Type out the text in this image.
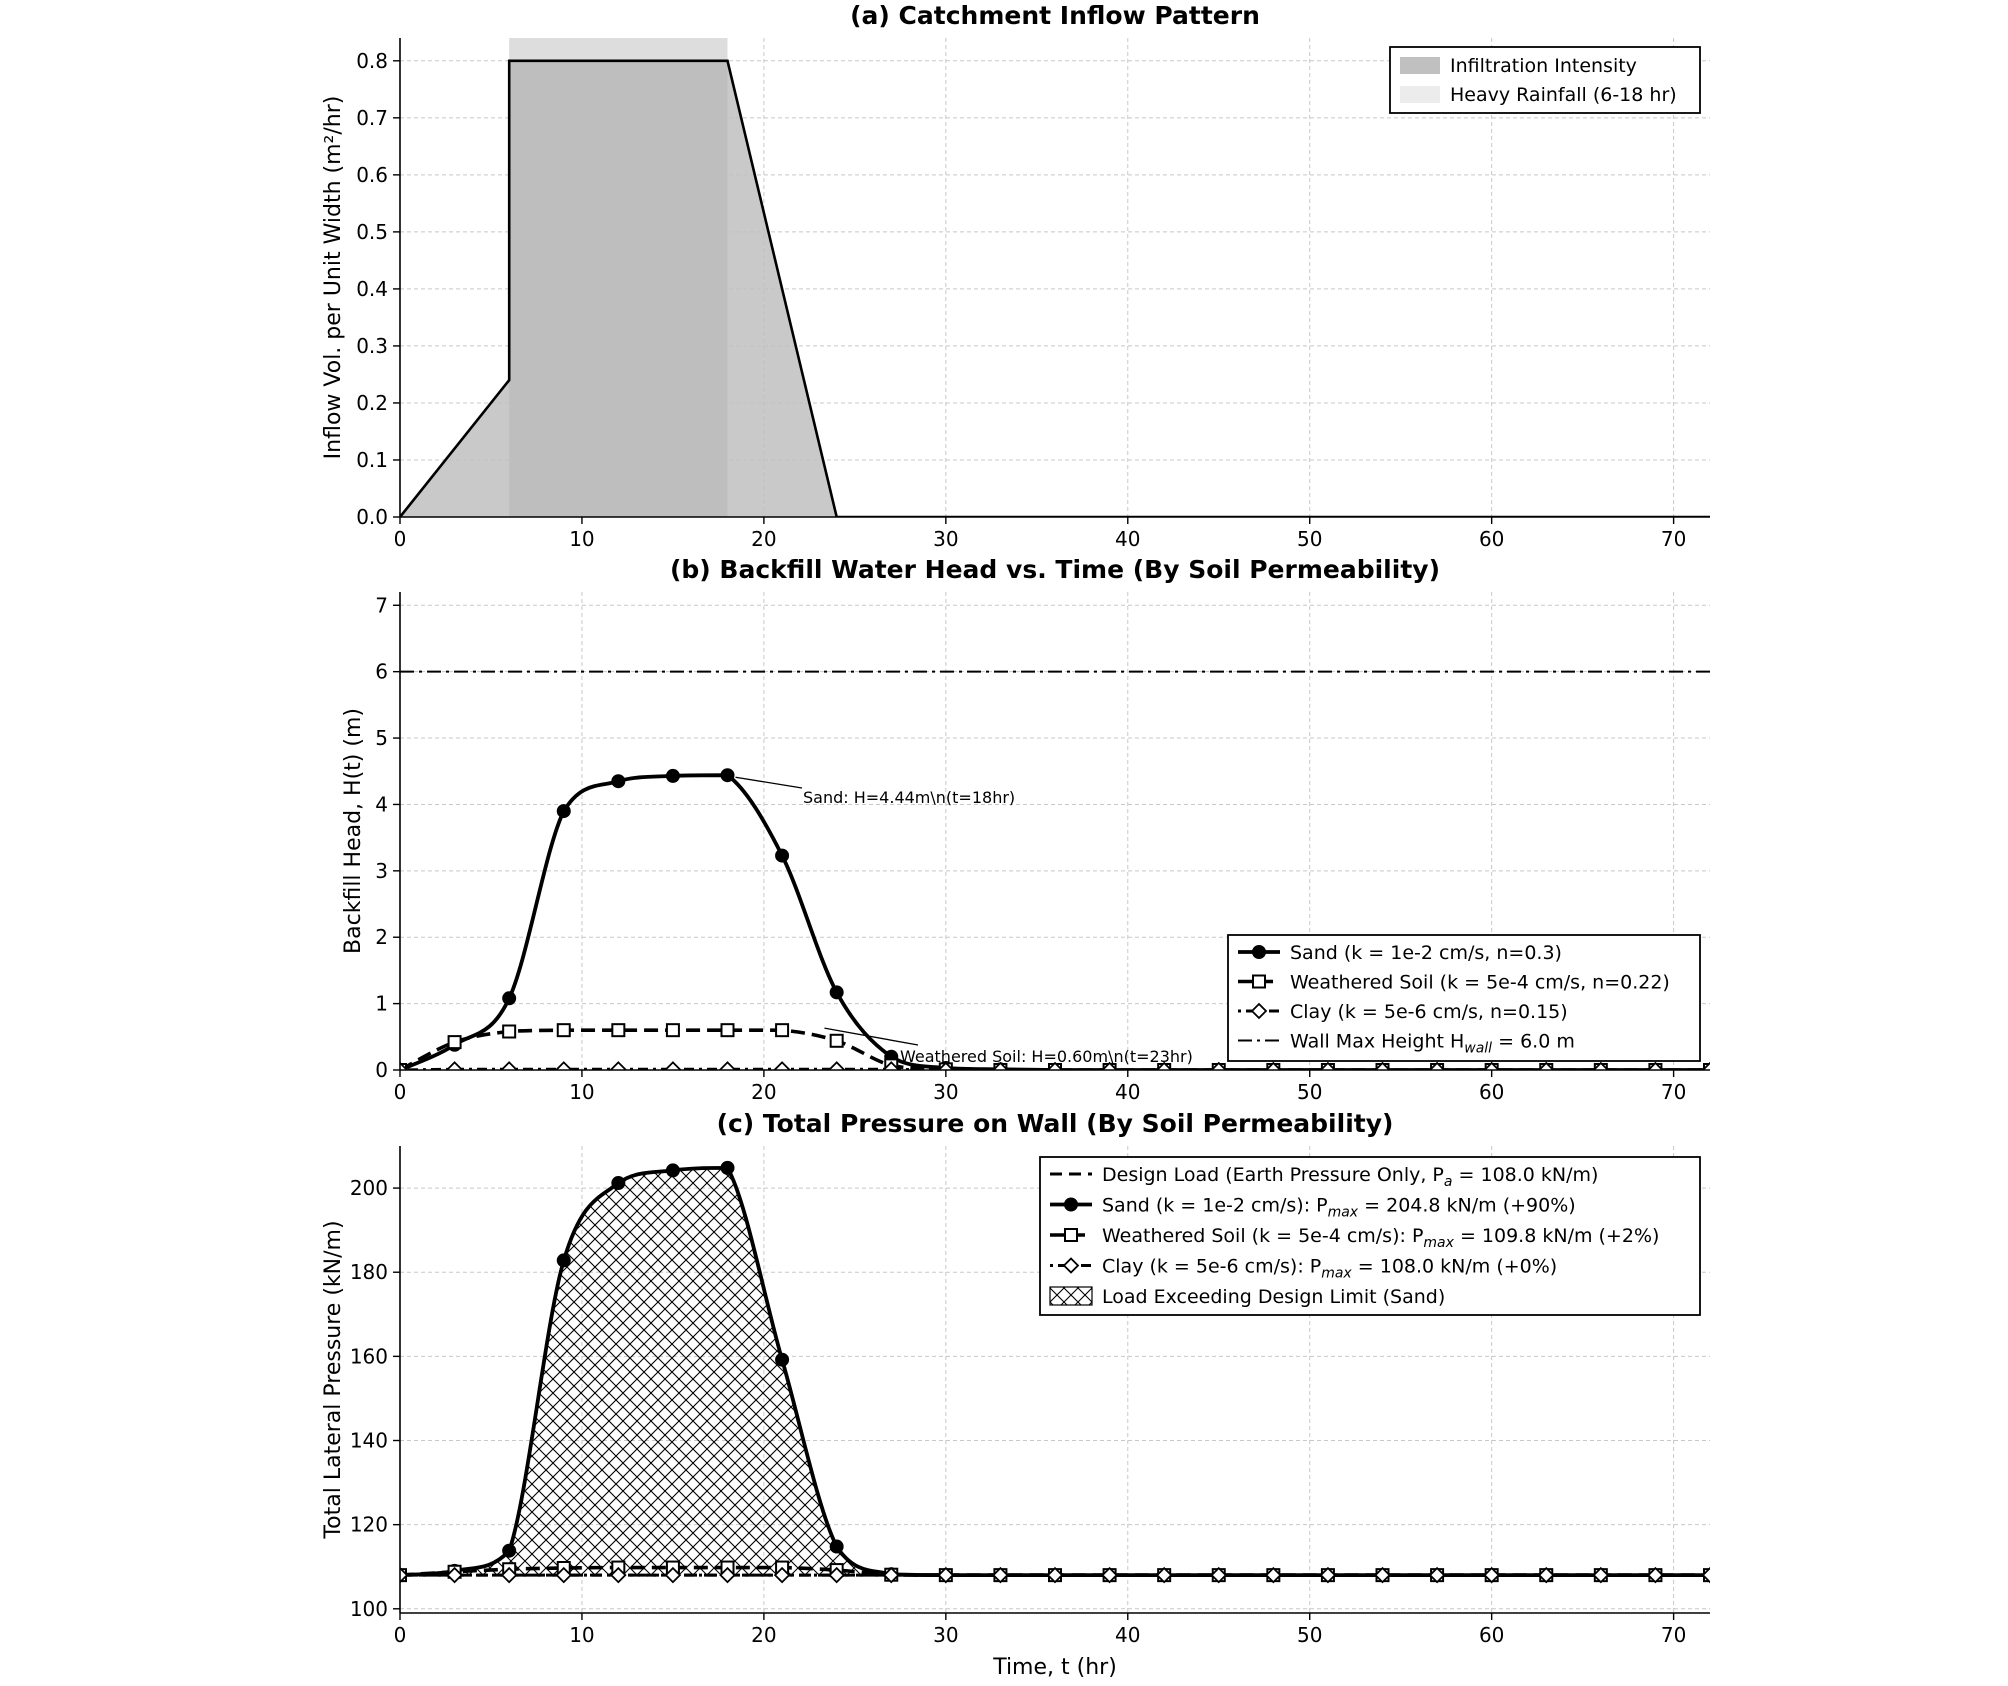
(a) Catchment Inflow Pattern
0	10	20	30	40	50	60	70
0.0
0.1
0.2
0.3
0.4
0.5
0.6
0.7
0.8
Inflow Vol. per Unit Width (m²/hr)
Infiltration Intensity
Heavy Rainfall (6-18 hr)
(b) Backfill Water Head vs. Time (By Soil Permeability)
0	10	20	30	40	50	60	70
0
1
2
3
4
5
6
7
Backfill Head, H(t) (m)	Sand (k = 1e-2 cm/s, n=0.3)
Weathered Soil (k = 5e-4 cm/s, n=0.22)
Clay (k = 5e-6 cm/s, n=0.15)
Wall Max Height $H_{wall} = 6.0$ m
Sand: H=4.44m\n(t=18hr)
Weathered Soil: H=0.60m\n(t=23hr)
(c) Total Pressure on Wall (By Soil Permeability)
0	10	20	30	40	50	60	70
100
120
140
160
180
200
Total Lateral Pressure (kN/m)
Time, t (hr)
Design Load (Earth Pressure Only, $P_a = 108.0$ kN/m)
Sand (k = 1e-2 cm/s): $P_{max} = 204.8$ kN/m (+90%)
Weathered Soil (k = 5e-4 cm/s): $P_{max} = 109.8$ kN/m (+2%)
Clay (k = 5e-6 cm/s): $P_{max} = 108.0$ kN/m (+0%)
Load Exceeding Design Limit (Sand)
